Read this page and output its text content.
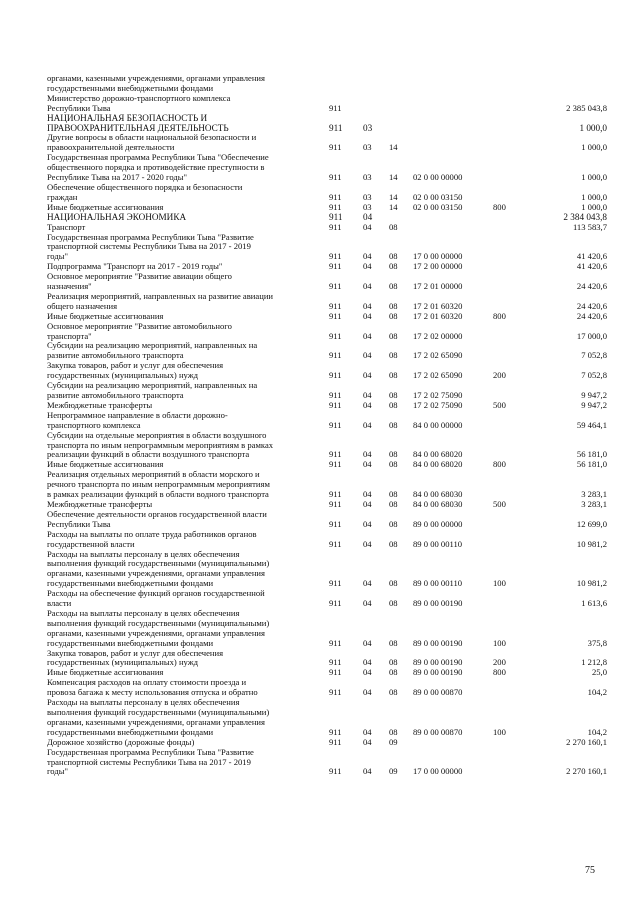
органами, казенными учреждениями, органами управления
государственными внебюджетными фондами
Министерство дорожно-транспортного комплекса
Республики Тыва	911	2 385 043,8
НАЦИОНАЛЬНАЯ БЕЗОПАСНОСТЬ И
ПРАВООХРАНИТЕЛЬНАЯ ДЕЯТЕЛЬНОСТЬ	911	03	1 000,0
Другие вопросы в области национальной безопасности и
правоохранительной деятельности	911	03	14	1 000,0
Государственная программа Республики Тыва "Обеспечение
общественного порядка и противодействие преступности в
Республике Тыва на 2017 - 2020 годы"	911	03	14	02 0 00 00000	1 000,0
Обеспечение общественного порядка и безопасности
граждан	911	03	14	02 0 00 03150	1 000,0
Иные бюджетные ассигнования	911	03	14	02 0 00 03150	800	1 000,0
НАЦИОНАЛЬНАЯ ЭКОНОМИКА	911	04	2 384 043,8
Транспорт	911	04	08	113 583,7
Государственная программа Республики Тыва "Развитие
транспортной системы Республики Тыва на 2017 - 2019
годы"	911	04	08	17 0 00 00000	41 420,6
Подпрограмма "Транспорт на 2017 - 2019 годы"	911	04	08	17 2 00 00000	41 420,6
Основное мероприятие "Развитие авиации общего
назначения"	911	04	08	17 2 01 00000	24 420,6
Реализация мероприятий, направленных на развитие авиации
общего назначения	911	04	08	17 2 01 60320	24 420,6
Иные бюджетные ассигнования	911	04	08	17 2 01 60320	800	24 420,6
Основное мероприятие "Развитие автомобильного
транспорта"	911	04	08	17 2 02 00000	17 000,0
Субсидии на реализацию мероприятий, направленных на
развитие автомобильного транспорта	911	04	08	17 2 02 65090	7 052,8
Закупка товаров, работ и услуг для обеспечения
государственных (муниципальных) нужд	911	04	08	17 2 02 65090	200	7 052,8
Субсидии на реализацию мероприятий, направленных на
развитие автомобильного транспорта	911	04	08	17 2 02 75090	9 947,2
Межбюджетные трансферты	911	04	08	17 2 02 75090	500	9 947,2
Непрограммное направление в области дорожно-
транспортного комплекса	911	04	08	84 0 00 00000	59 464,1
Субсидии на отдельные мероприятия в области воздушного
транспорта по иным непрограммным мероприятиям в рамках
реализации функций в области воздушного транспорта	911	04	08	84 0 00 68020	56 181,0
Иные бюджетные ассигнования	911	04	08	84 0 00 68020	800	56 181,0
Реализация отдельных мероприятий в области морского и
речного транспорта по иным непрограммным мероприятиям
в рамках реализации функций в области водного транспорта	911	04	08	84 0 00 68030	3 283,1
Межбюджетные трансферты	911	04	08	84 0 00 68030	500	3 283,1
Обеспечение деятельности органов государственной власти
Республики Тыва	911	04	08	89 0 00 00000	12 699,0
Расходы на выплаты по оплате труда работников органов
государственной власти	911	04	08	89 0 00 00110	10 981,2
Расходы на выплаты персоналу в целях обеспечения
выполнения функций государственными (муниципальными)
органами, казенными учреждениями, органами управления
государственными внебюджетными фондами	911	04	08	89 0 00 00110	100	10 981,2
Расходы на обеспечение функций органов государственной
власти	911	04	08	89 0 00 00190	1 613,6
Расходы на выплаты персоналу в целях обеспечения
выполнения функций государственными (муниципальными)
органами, казенными учреждениями, органами управления
государственными внебюджетными фондами	911	04	08	89 0 00 00190	100	375,8
Закупка товаров, работ и услуг для обеспечения
государственных (муниципальных) нужд	911	04	08	89 0 00 00190	200	1 212,8
Иные бюджетные ассигнования	911	04	08	89 0 00 00190	800	25,0
Компенсация расходов на оплату стоимости проезда и
провоза багажа к месту использования отпуска и обратно	911	04	08	89 0 00 00870	104,2
Расходы на выплаты персоналу в целях обеспечения
выполнения функций государственными (муниципальными)
органами, казенными учреждениями, органами управления
государственными внебюджетными фондами	911	04	08	89 0 00 00870	100	104,2
Дорожное хозяйство (дорожные фонды)	911	04	09	2 270 160,1
Государственная программа Республики Тыва "Развитие
транспортной системы Республики Тыва на 2017 - 2019
годы"	911	04	09	17 0 00 00000	2 270 160,1
75
